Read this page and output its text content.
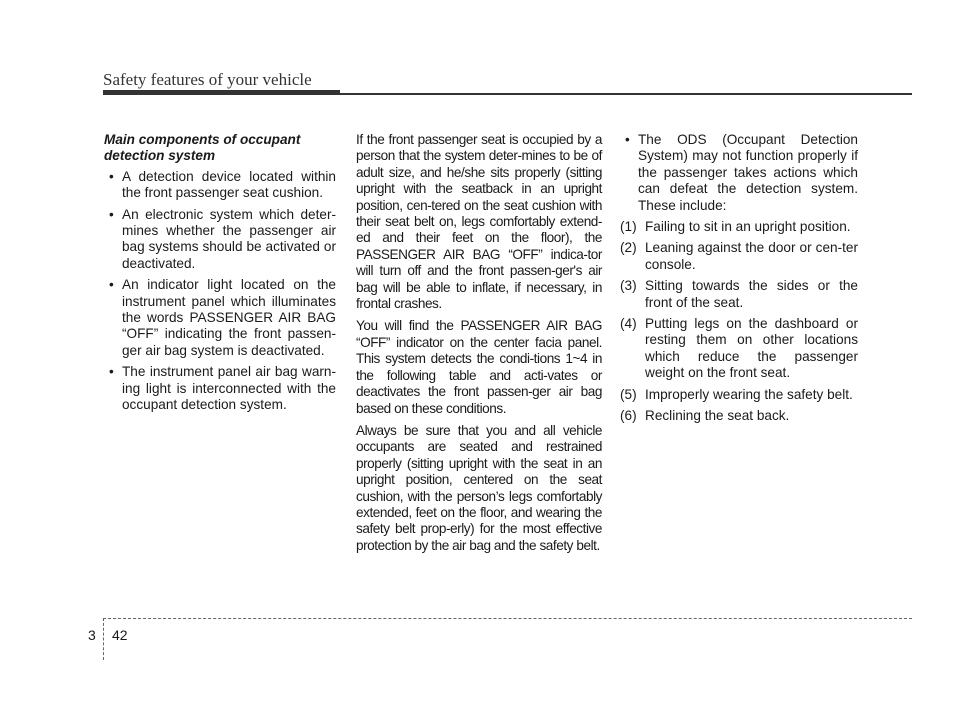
Safety features of your vehicle
Main components of occupant detection system
• A detection device located within the front passenger seat cushion.
• An electronic system which deter-mines whether the passenger air bag systems should be activated or deactivated.
• An indicator light located on the instrument panel which illuminates the words PASSENGER AIR BAG “OFF” indicating the front passen-ger air bag system is deactivated.
• The instrument panel air bag warn-ing light is interconnected with the occupant detection system.

If the front passenger seat is occupied by a person that the system deter-mines to be of adult size, and he/she sits properly (sitting upright with the seatback in an upright position, cen-tered on the seat cushion with their seat belt on, legs comfortably extend-ed and their feet on the floor), the PASSENGER AIR BAG “OFF” indica-tor will turn off and the front passen-ger's air bag will be able to inflate, if necessary, in frontal crashes.

You will find the PASSENGER AIR BAG “OFF” indicator on the center facia panel. This system detects the condi-tions 1~4 in the following table and acti-vates or deactivates the front passen-ger air bag based on these conditions.

Always be sure that you and all vehicle occupants are seated and restrained properly (sitting upright with the seat in an upright position, centered on the seat cushion, with the person’s legs comfortably extended, feet on the floor, and wearing the safety belt prop-erly) for the most effective protection by the air bag and the safety belt.

• The ODS (Occupant Detection System) may not function properly if the passenger takes actions which can defeat the detection system. These include:
(1) Failing to sit in an upright position.
(2) Leaning against the door or cen-ter console.
(3) Sitting towards the sides or the front of the seat.
(4) Putting legs on the dashboard or resting them on other locations which reduce the passenger weight on the front seat.
(5) Improperly wearing the safety belt.
(6) Reclining the seat back.
3 42
